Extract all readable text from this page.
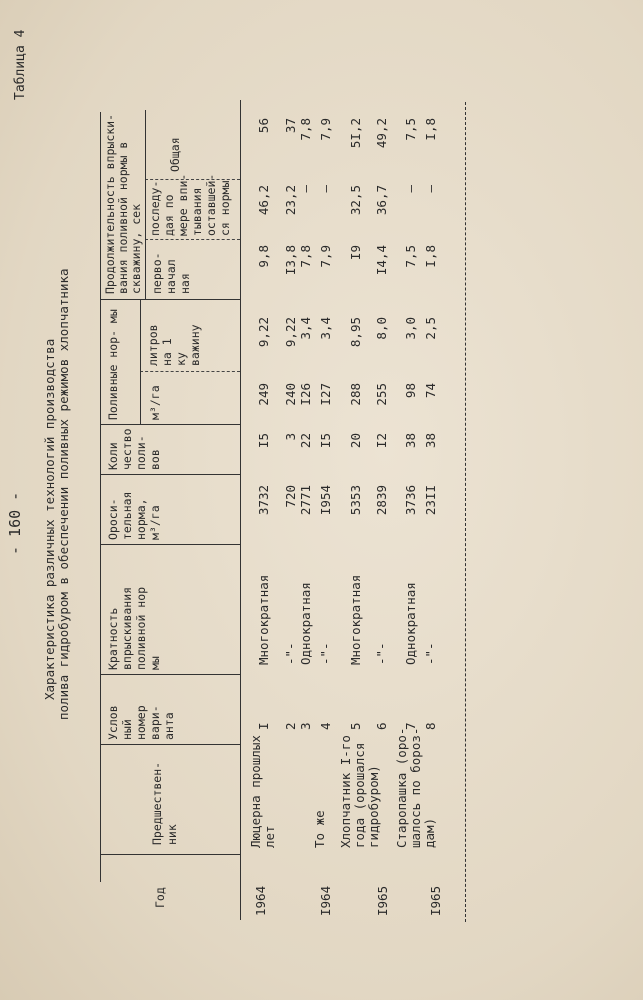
- 160 -
Таблица 4
Характеристика различных технологий производства полива гидробуром в обеспечении поливных режимов хлопчатника
Год
Предшествен- ник
Услов ный номер вари- анта
Кратность впрыскивания поливной нор мы
Ороси- тельная норма, м³/га
Коли чество поли- вов
Поливные нор- мы м³/га
литров на 1 ку важину
Продолжительность впрыски- вания поливной нормы в скважину, сек перво- начал ная
последу- дая по мере впи- тывания оставшей- ся нормы
Общая
1964
Люцерна прошлых лет
I
Многократная
3732
I5
249
9,22
9,8
46,2
56
2
-"-
720
3
240
9,22
I3,8
23,2
37
3
Однократная
2771
22
I26
3,4
7,8
–
7,8
I964
То же
4
-"-
I954
I5
I27
3,4
7,9
–
7,9
Хлопчатник I-го года (орошался гидробуром)
5
Многократная
5353
20
288
8,95
I9
32,5
5I,2
I965
6
-"-
2839
I2
255
8,0
I4,4
36,7
49,2
Старопашка (оро- шалось по бороз- дам)
7
Однократная
3736
38
98
3,0
7,5
–
7,5
I965
8
-"-
23II
38
74
2,5
I,8
–
I,8
